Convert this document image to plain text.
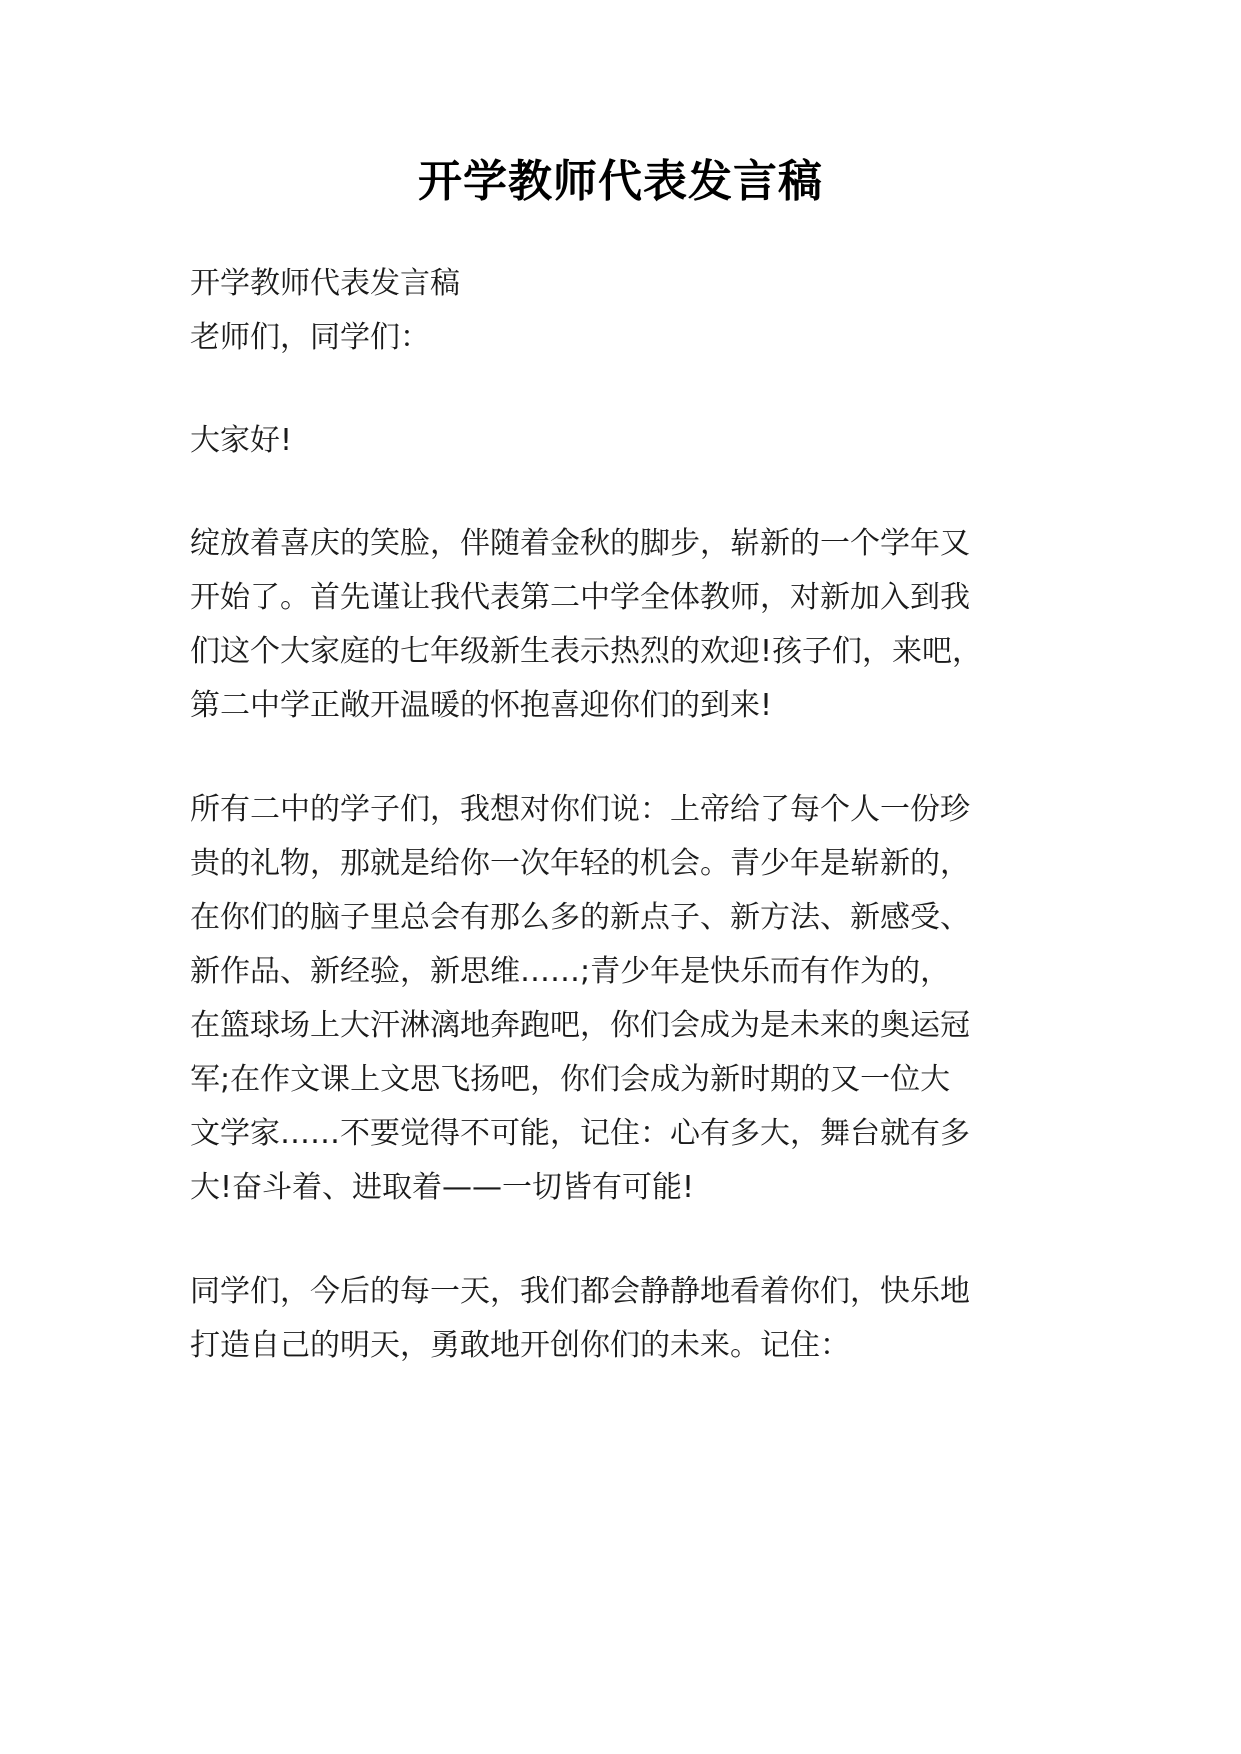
开学教师代表发言稿
开学教师代表发言稿
老师们，同学们：
大家好!
绽放着喜庆的笑脸，伴随着金秋的脚步，崭新的一个学年又
开始了。首先谨让我代表第二中学全体教师，对新加入到我
们这个大家庭的七年级新生表示热烈的欢迎!孩子们，来吧，
第二中学正敞开温暖的怀抱喜迎你们的到来!
所有二中的学子们，我想对你们说：上帝给了每个人一份珍
贵的礼物，那就是给你一次年轻的机会。青少年是崭新的，
在你们的脑子里总会有那么多的新点子、新方法、新感受、
新作品、新经验，新思维……;青少年是快乐而有作为的，
在篮球场上大汗淋漓地奔跑吧，你们会成为是未来的奥运冠
军;在作文课上文思飞扬吧，你们会成为新时期的又一位大
文学家……不要觉得不可能，记住：心有多大，舞台就有多
大!奋斗着、进取着——一切皆有可能!
同学们，今后的每一天，我们都会静静地看着你们，快乐地
打造自己的明天，勇敢地开创你们的未来。记住：
